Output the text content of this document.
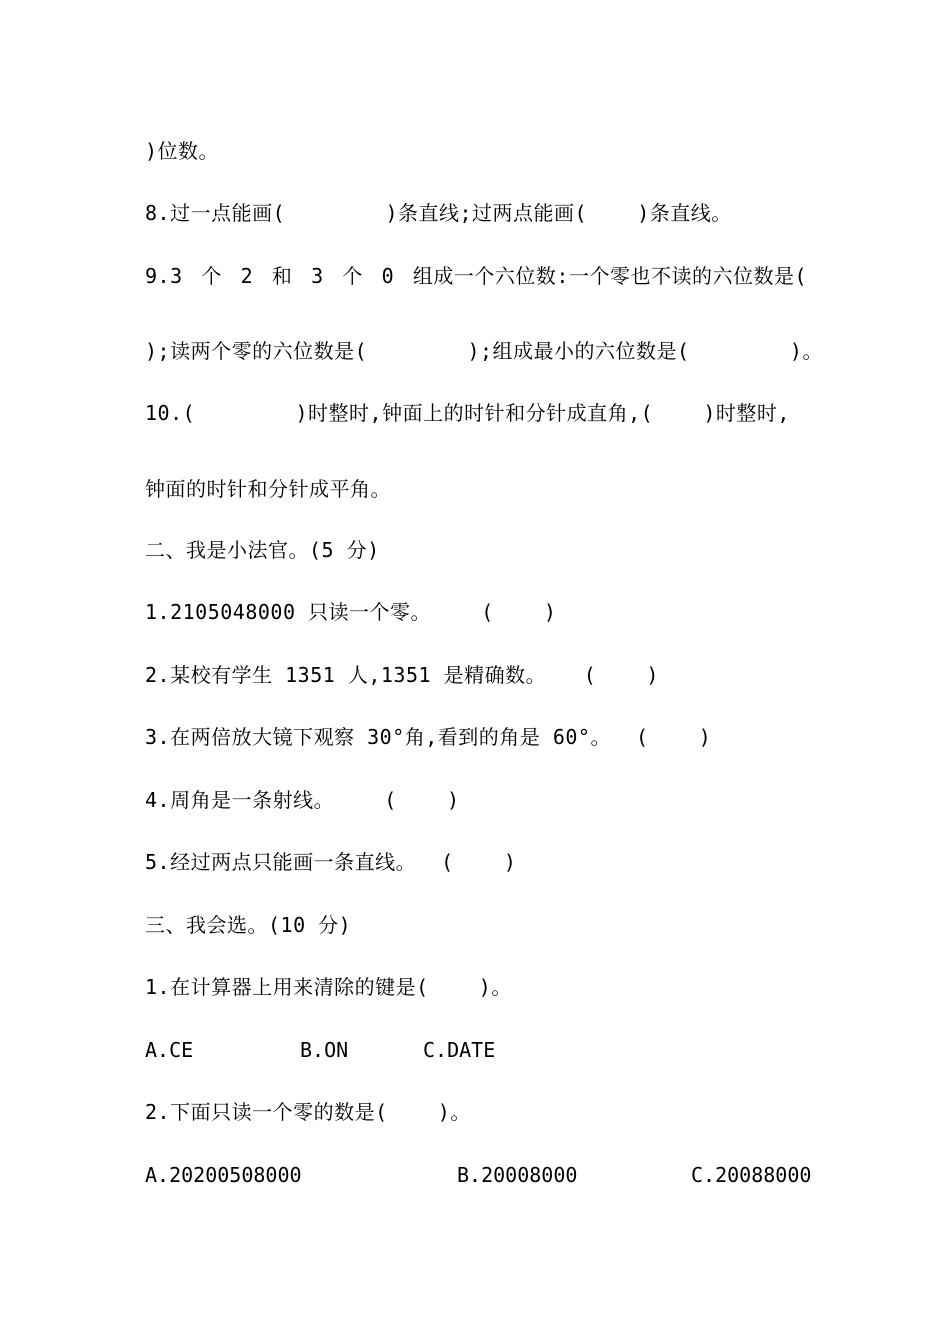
)位数。
8.过一点能画(        )条直线;过两点能画(    )条直线。
9.3 个 2 和 3 个 0 组成一个六位数:一个零也不读的六位数是(
);读两个零的六位数是(        );组成最小的六位数是(        )。
10.(        )时整时,钟面上的时针和分针成直角,(    )时整时,
钟面的时针和分针成平角。
二、我是小法官。(5 分)
1.2105048000 只读一个零。    (    )
2.某校有学生 1351 人,1351 是精确数。   (    )
3.在两倍放大镜下观察 30°角,看到的角是 60°。  (    )
4.周角是一条射线。    (    )
5.经过两点只能画一条直线。  (    )
三、我会选。(10 分)
1.在计算器上用来清除的键是(    )。
A.CE	B.ON	C.DATE
2.下面只读一个零的数是(    )。
A.20200508000	B.20008000	C.20088000
